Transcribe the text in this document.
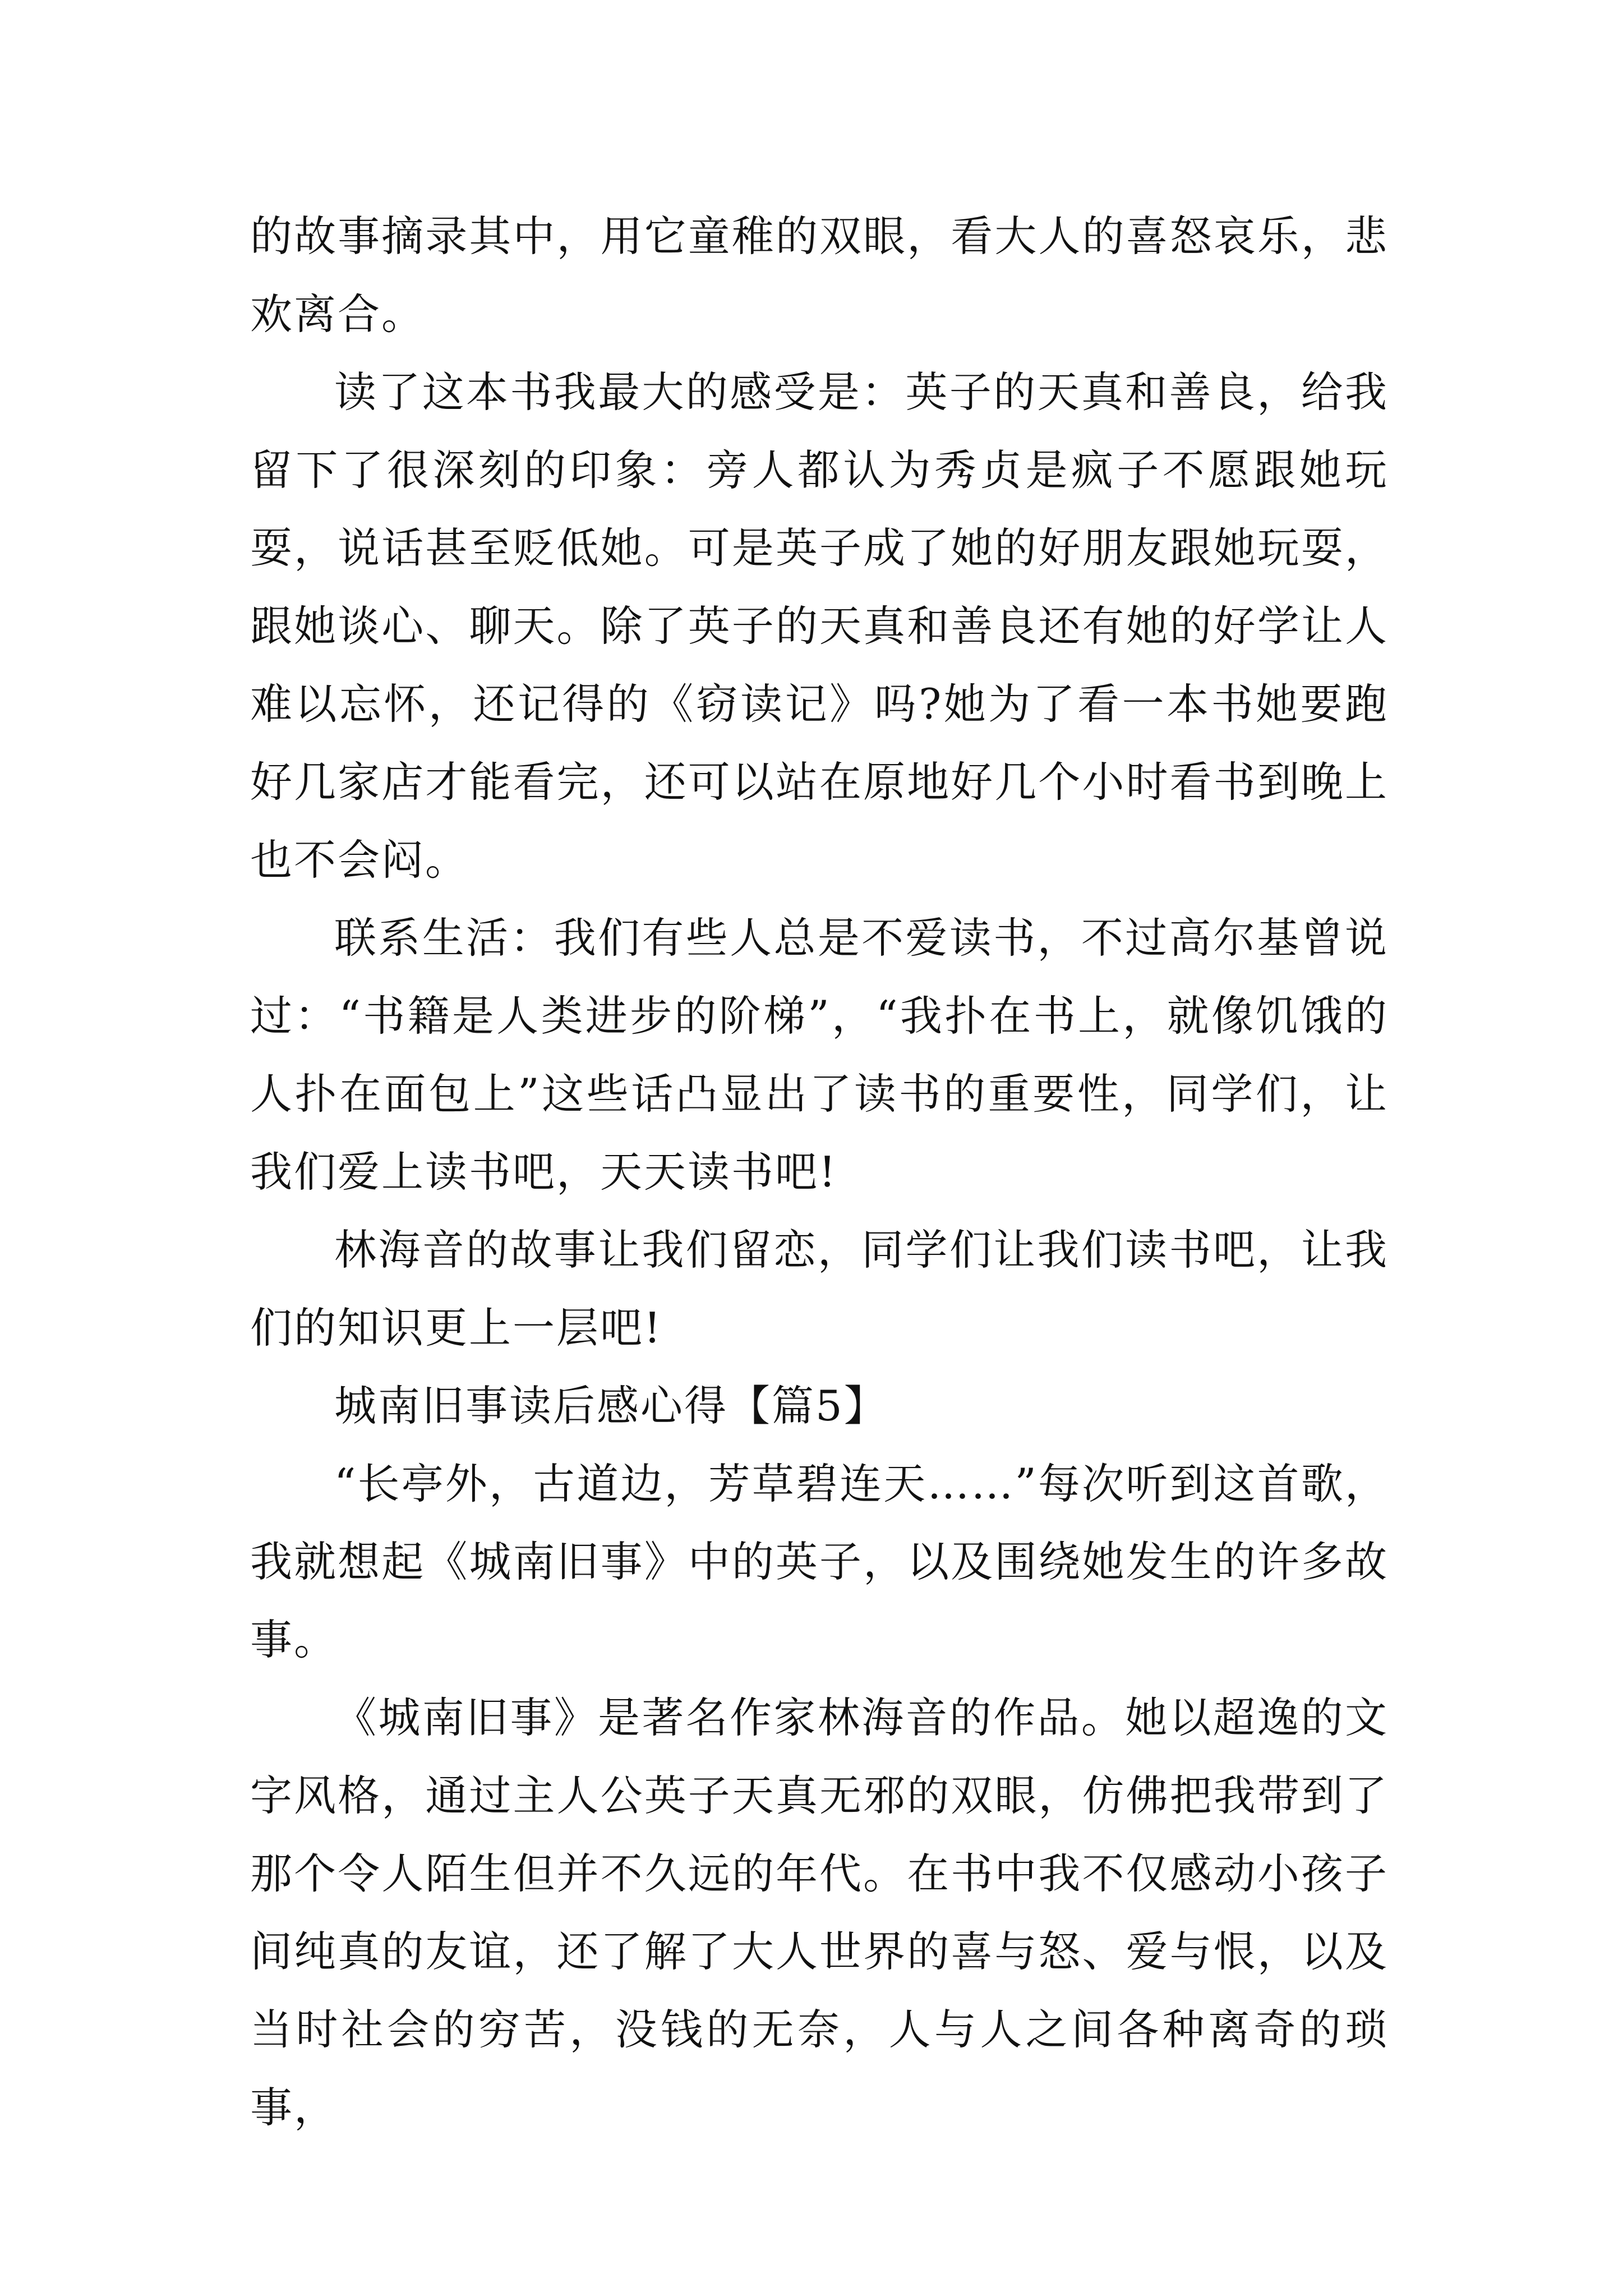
的故事摘录其中，用它童稚的双眼，看大人的喜怒哀乐，悲欢离合。

读了这本书我最大的感受是：英子的天真和善良，给我留下了很深刻的印象：旁人都认为秀贞是疯子不愿跟她玩耍，说话甚至贬低她。可是英子成了她的好朋友跟她玩耍，跟她谈心、聊天。除了英子的天真和善良还有她的好学让人难以忘怀，还记得的《窃读记》吗?她为了看一本书她要跑好几家店才能看完，还可以站在原地好几个小时看书到晚上也不会闷。

联系生活：我们有些人总是不爱读书，不过高尔基曾说过：“书籍是人类进步的阶梯”，“我扑在书上，就像饥饿的人扑在面包上”这些话凸显出了读书的重要性，同学们，让我们爱上读书吧，天天读书吧!

林海音的故事让我们留恋，同学们让我们读书吧，让我们的知识更上一层吧!

城南旧事读后感心得【篇5】

“长亭外，古道边，芳草碧连天……”每次听到这首歌，我就想起《城南旧事》中的英子，以及围绕她发生的许多故事。

《城南旧事》是著名作家林海音的作品。她以超逸的文字风格，通过主人公英子天真无邪的双眼，仿佛把我带到了那个令人陌生但并不久远的年代。在书中我不仅感动小孩子间纯真的友谊，还了解了大人世界的喜与怒、爱与恨，以及当时社会的穷苦，没钱的无奈，人与人之间各种离奇的琐事，
